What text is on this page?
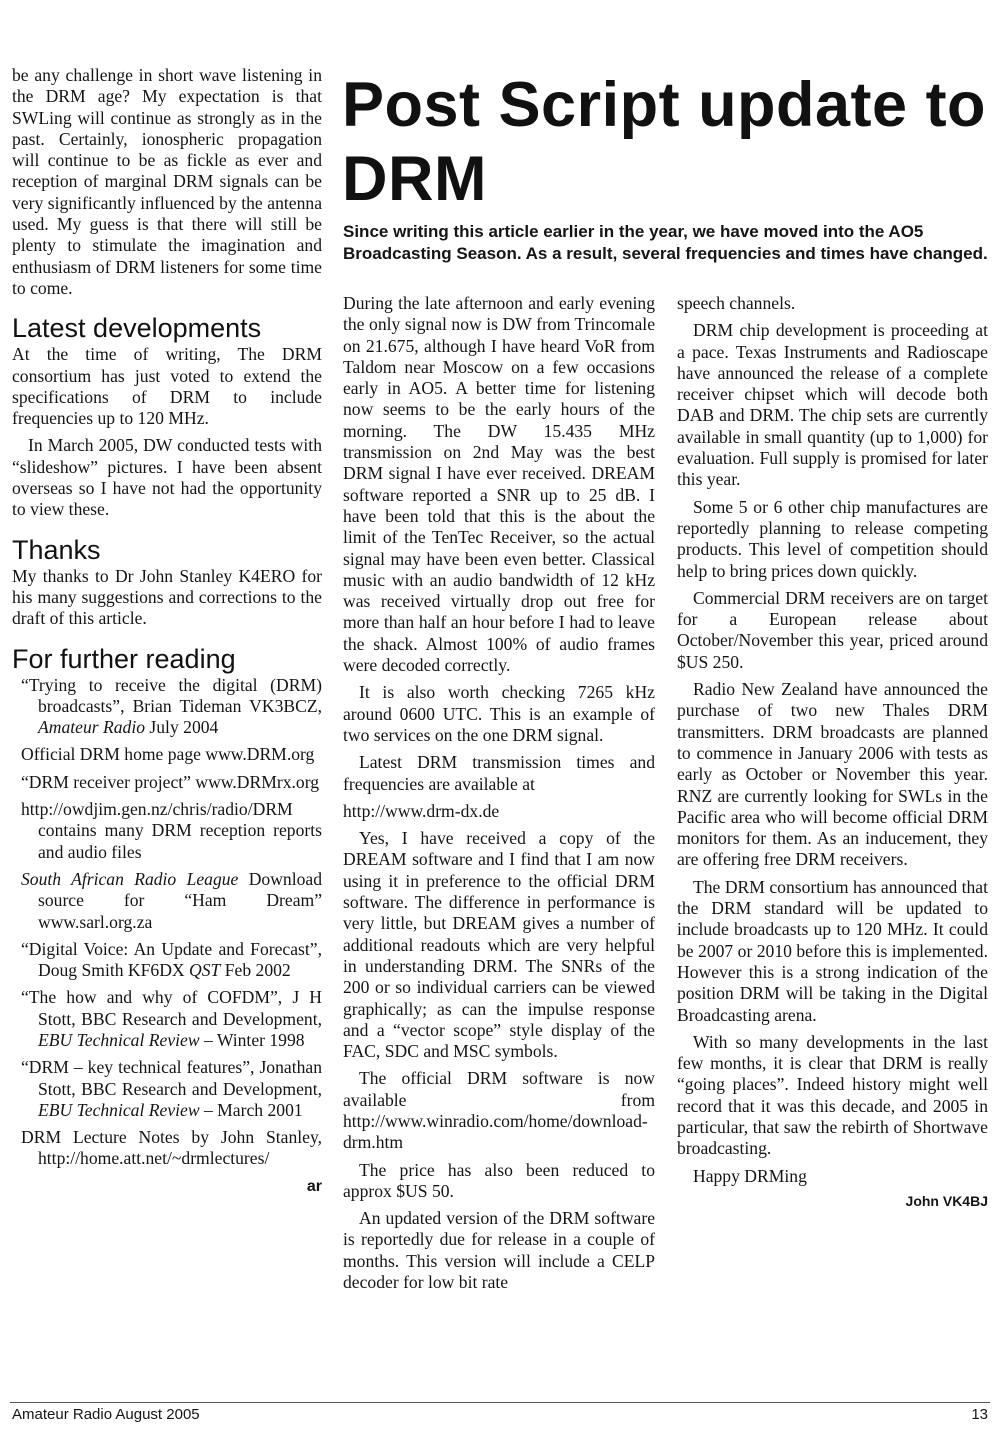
be any challenge in short wave listening in the DRM age? My expectation is that SWLing will continue as strongly as in the past. Certainly, ionospheric propagation will continue to be as fickle as ever and reception of marginal DRM signals can be very significantly influenced by the antenna used. My guess is that there will still be plenty to stimulate the imagination and enthusiasm of DRM listeners for some time to come.

Latest developments

At the time of writing, The DRM consortium has just voted to extend the specifications of DRM to include frequencies up to 120 MHz.

In March 2005, DW conducted tests with “slideshow” pictures. I have been absent overseas so I have not had the opportunity to view these.

Thanks

My thanks to Dr John Stanley K4ERO for his many suggestions and corrections to the draft of this article.

For further reading
“Trying to receive the digital (DRM) broadcasts”, Brian Tideman VK3BCZ, Amateur Radio July 2004
Official DRM home page www.DRM.org
“DRM receiver project” www.DRMrx.org
http://owdjim.gen.nz/chris/radio/DRM contains many DRM reception reports and audio files
South African Radio League Download source for “Ham Dream” www.sarl.org.za
“Digital Voice: An Update and Forecast”, Doug Smith KF6DX QST Feb 2002
“The how and why of COFDM”, J H Stott, BBC Research and Development, EBU Technical Review – Winter 1998
“DRM – key technical features”, Jonathan Stott, BBC Research and Development, EBU Technical Review – March 2001
DRM Lecture Notes by John Stanley, http://home.att.net/~drmlectures/
ar
Post Script update to DRM

Since writing this article earlier in the year, we have moved into the AO5 Broadcasting Season. As a result, several frequencies and times have changed.

During the late afternoon and early evening the only signal now is DW from Trincomale on 21.675, although I have heard VoR from Taldom near Moscow on a few occasions early in AO5. A better time for listening now seems to be the early hours of the morning. The DW 15.435 MHz transmission on 2nd May was the best DRM signal I have ever received. DREAM software reported a SNR up to 25 dB. I have been told that this is the about the limit of the TenTec Receiver, so the actual signal may have been even better. Classical music with an audio bandwidth of 12 kHz was received virtually drop out free for more than half an hour before I had to leave the shack. Almost 100% of audio frames were decoded correctly.

It is also worth checking 7265 kHz around 0600 UTC. This is an example of two services on the one DRM signal.

Latest DRM transmission times and frequencies are available at

http://www.drm-dx.de

Yes, I have received a copy of the DREAM software and I find that I am now using it in preference to the official DRM software. The difference in performance is very little, but DREAM gives a number of additional readouts which are very helpful in understanding DRM. The SNRs of the 200 or so individual carriers can be viewed graphically; as can the impulse response and a “vector scope” style display of the FAC, SDC and MSC symbols.

The official DRM software is now available from http://www.winradio.com/home/download-drm.htm

The price has also been reduced to approx $US 50.

An updated version of the DRM software is reportedly due for release in a couple of months. This version will include a CELP decoder for low bit rate

speech channels.

DRM chip development is proceeding at a pace. Texas Instruments and Radioscape have announced the release of a complete receiver chipset which will decode both DAB and DRM. The chip sets are currently available in small quantity (up to 1,000) for evaluation. Full supply is promised for later this year.

Some 5 or 6 other chip manufactures are reportedly planning to release competing products. This level of competition should help to bring prices down quickly.

Commercial DRM receivers are on target for a European release about October/November this year, priced around $US 250.

Radio New Zealand have announced the purchase of two new Thales DRM transmitters. DRM broadcasts are planned to commence in January 2006 with tests as early as October or November this year. RNZ are currently looking for SWLs in the Pacific area who will become official DRM monitors for them. As an inducement, they are offering free DRM receivers.

The DRM consortium has announced that the DRM standard will be updated to include broadcasts up to 120 MHz. It could be 2007 or 2010 before this is implemented. However this is a strong indication of the position DRM will be taking in the Digital Broadcasting arena.

With so many developments in the last few months, it is clear that DRM is really “going places”. Indeed history might well record that it was this decade, and 2005 in particular, that saw the rebirth of Shortwave broadcasting.

Happy DRMing

John VK4BJ
Amateur Radio August 2005	13
